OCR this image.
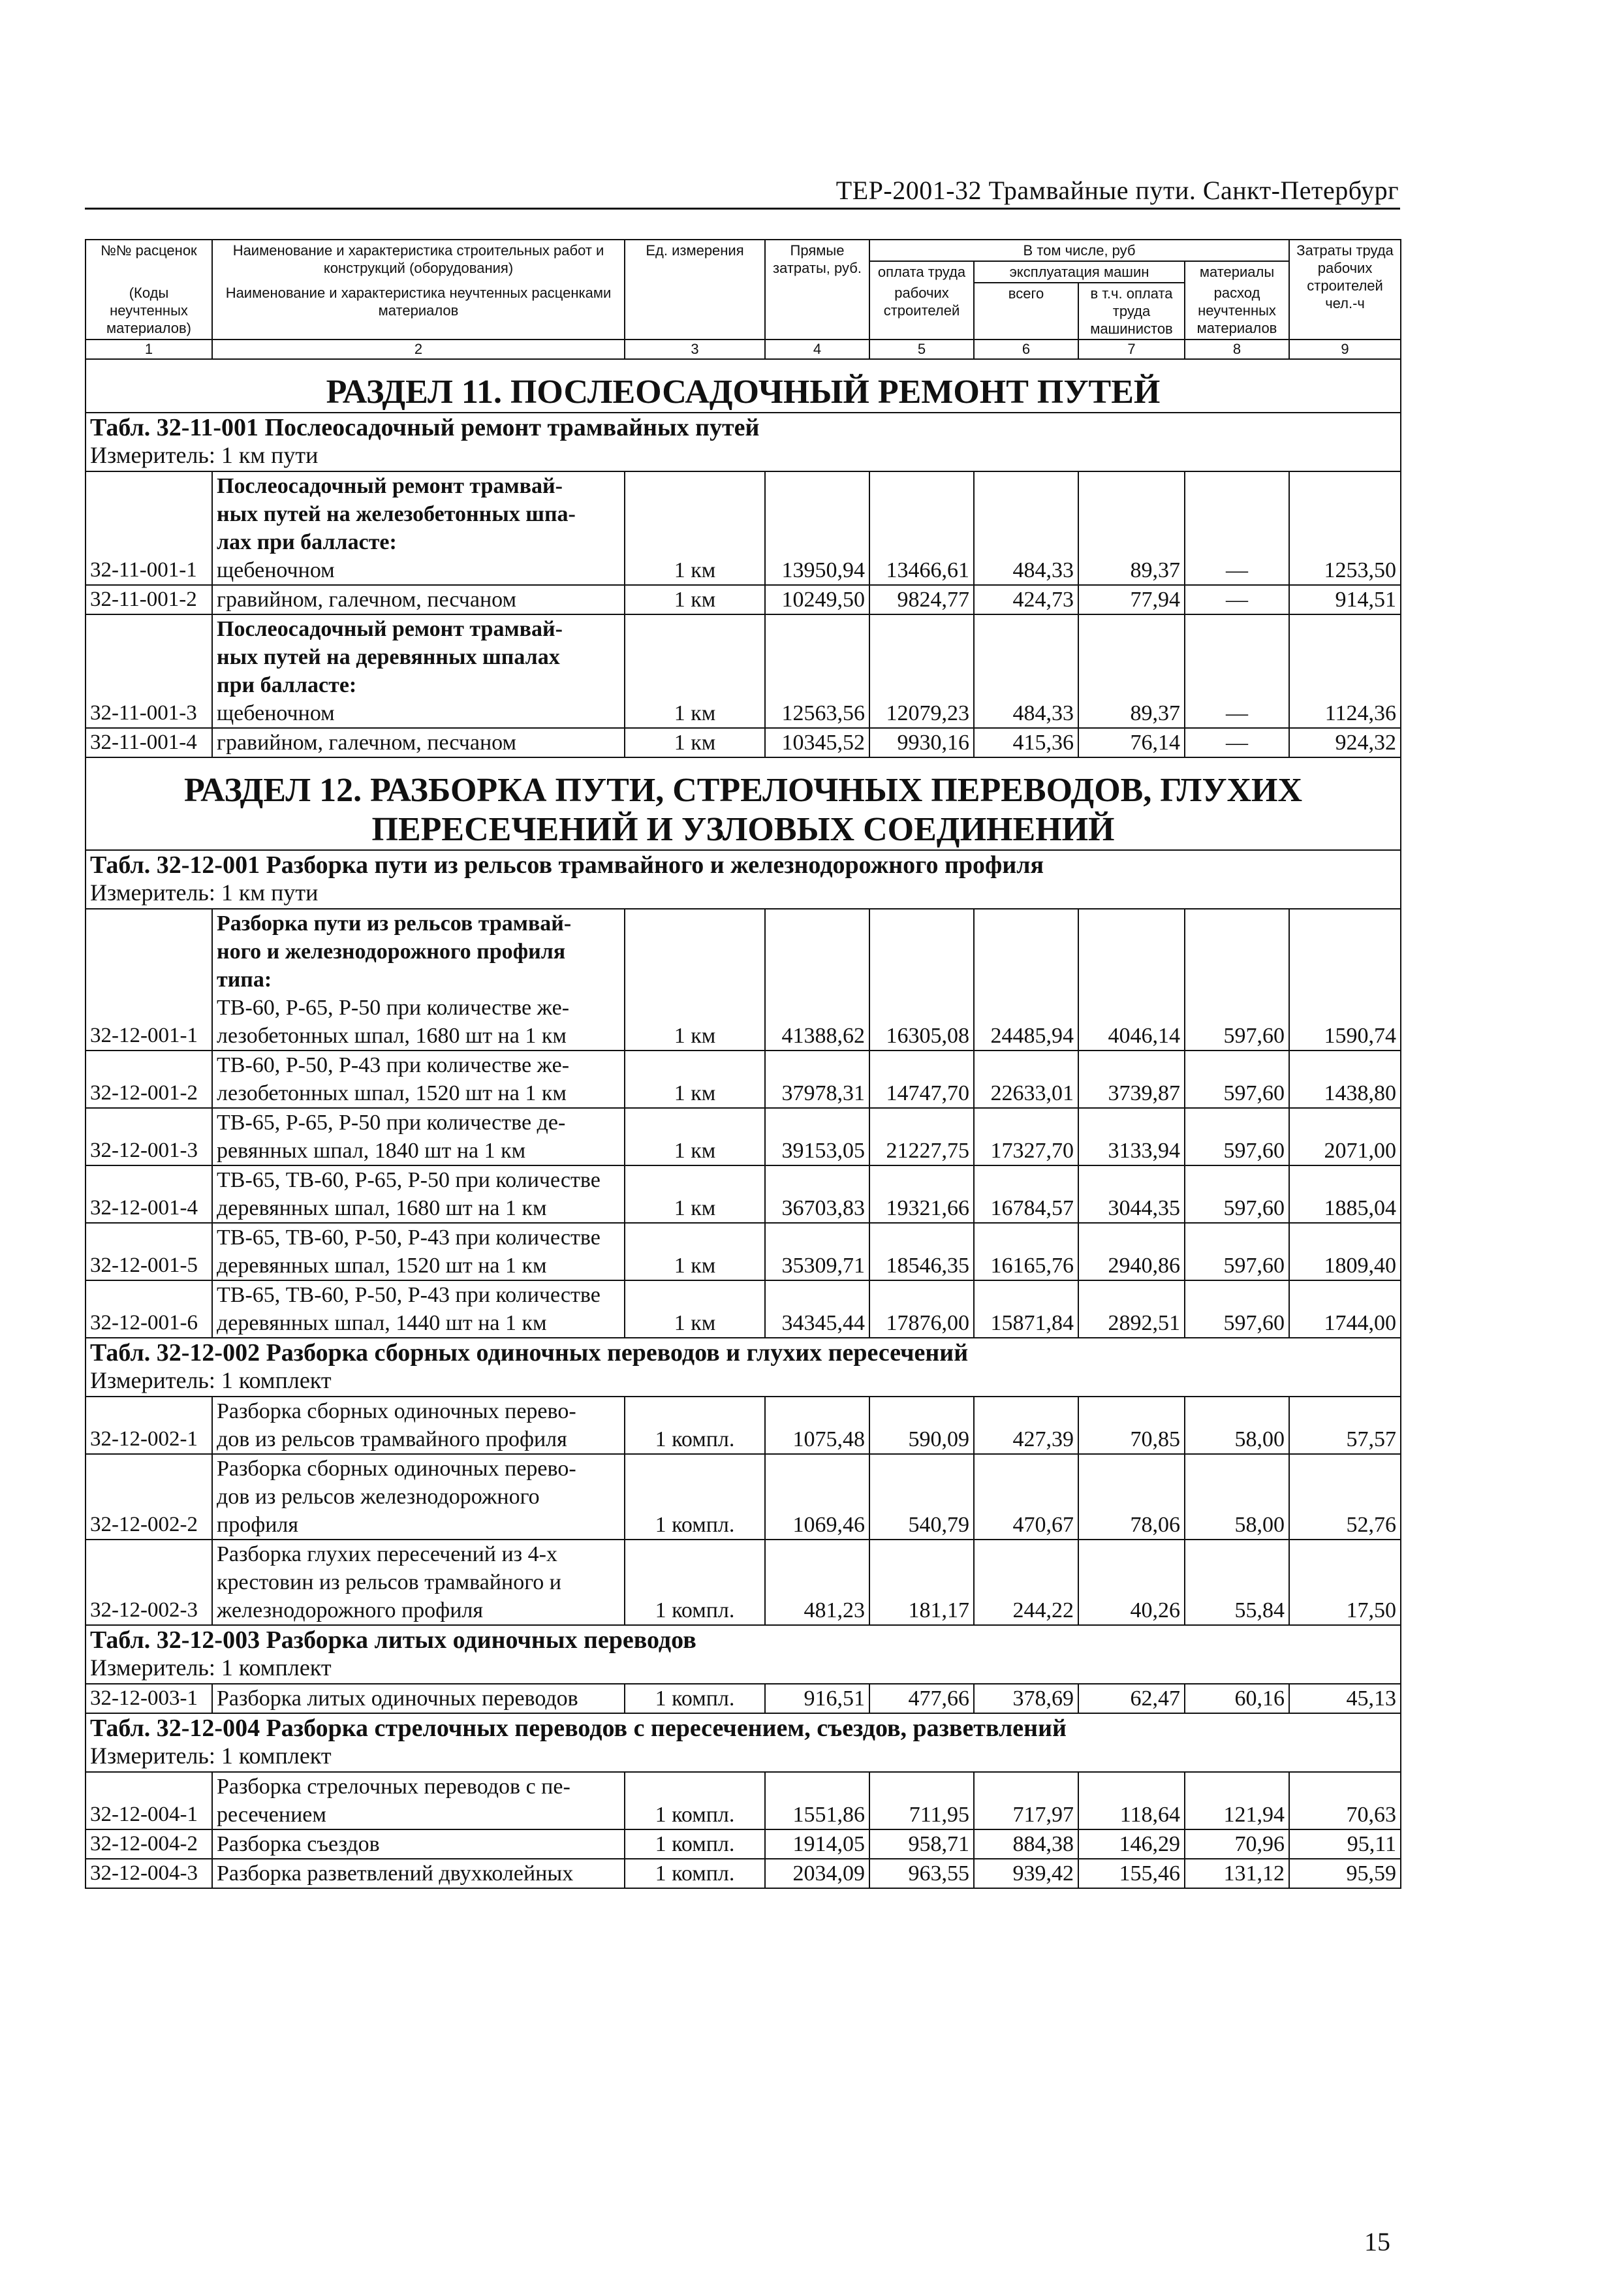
ТЕР-2001-32 Трамвайные пути. Санкт-Петербург
№№ расценок	Наименование и характеристика строительных работ и конструкций (оборудования)	Ед. измерения	Прямые затраты, руб.	В том числе, руб				Затраты труда рабочих строителей чел.-ч
				оплата труда	эксплуатация машин		материалы	
(Коды неучтенных материалов)	Наименование и характеристика неучтенных расценками материалов			рабочих строителей	всего	в т.ч. оплата труда машинистов	расход неучтенных материалов	

1	2	3	4	5	6	7	8	9

РАЗДЕЛ 11. ПОСЛЕОСАДОЧНЫЙ РЕМОНТ ПУТЕЙ								

Табл. 32-11-001 Послеосадочный ремонт трамвайных путей
Измеритель: 1 км пути								

32-11-001-1	Послеосадочный ремонт трамвай-
ных путей на железобетонных шпа-
лах при балласте:
щебеночном	1 км	13950,94	13466,61	484,33	89,37	—	1253,50
32-11-001-2	гравийном, галечном, песчаном	1 км	10249,50	9824,77	424,73	77,94	—	914,51
32-11-001-3	Послеосадочный ремонт трамвай-
ных путей на деревянных шпалах
при балласте:
щебеночном	1 км	12563,56	12079,23	484,33	89,37	—	1124,36
32-11-001-4	гравийном, галечном, песчаном	1 км	10345,52	9930,16	415,36	76,14	—	924,32

РАЗДЕЛ 12. РАЗБОРКА ПУТИ, СТРЕЛОЧНЫХ ПЕРЕВОДОВ, ГЛУХИХ
ПЕРЕСЕЧЕНИЙ И УЗЛОВЫХ СОЕДИНЕНИЙ								

Табл. 32-12-001 Разборка пути из рельсов трамвайного и железнодорожного профиля
Измеритель: 1 км пути								

32-12-001-1	Разборка пути из рельсов трамвай-
ного и железнодорожного профиля
типа:
ТВ-60, Р-65, Р-50 при количестве же-
лезобетонных шпал, 1680 шт на 1 км	1 км	41388,62	16305,08	24485,94	4046,14	597,60	1590,74
32-12-001-2	ТВ-60, Р-50, Р-43 при количестве же-
лезобетонных шпал, 1520 шт на 1 км	1 км	37978,31	14747,70	22633,01	3739,87	597,60	1438,80
32-12-001-3	ТВ-65, Р-65, Р-50 при количестве де-
ревянных шпал, 1840 шт на 1 км	1 км	39153,05	21227,75	17327,70	3133,94	597,60	2071,00
32-12-001-4	ТВ-65, ТВ-60, Р-65, Р-50 при количестве
деревянных шпал, 1680 шт на 1 км	1 км	36703,83	19321,66	16784,57	3044,35	597,60	1885,04
32-12-001-5	ТВ-65, ТВ-60, Р-50, Р-43 при количестве
деревянных шпал, 1520 шт на 1 км	1 км	35309,71	18546,35	16165,76	2940,86	597,60	1809,40
32-12-001-6	ТВ-65, ТВ-60, Р-50, Р-43 при количестве
деревянных шпал, 1440 шт на 1 км	1 км	34345,44	17876,00	15871,84	2892,51	597,60	1744,00

Табл. 32-12-002 Разборка сборных одиночных переводов и глухих пересечений
Измеритель: 1 комплект								

32-12-002-1	Разборка сборных одиночных перево-
дов из рельсов трамвайного профиля	1 компл.	1075,48	590,09	427,39	70,85	58,00	57,57
32-12-002-2	Разборка сборных одиночных перево-
дов из рельсов железнодорожного
профиля	1 компл.	1069,46	540,79	470,67	78,06	58,00	52,76
32-12-002-3	Разборка глухих пересечений из 4-х
крестовин из рельсов трамвайного и
железнодорожного профиля	1 компл.	481,23	181,17	244,22	40,26	55,84	17,50

Табл. 32-12-003 Разборка литых одиночных переводов
Измеритель: 1 комплект								

32-12-003-1	Разборка литых одиночных переводов	1 компл.	916,51	477,66	378,69	62,47	60,16	45,13

Табл. 32-12-004 Разборка стрелочных переводов с пересечением, съездов, разветвлений
Измеритель: 1 комплект								

32-12-004-1	Разборка стрелочных переводов с пе-
ресечением	1 компл.	1551,86	711,95	717,97	118,64	121,94	70,63
32-12-004-2	Разборка съездов	1 компл.	1914,05	958,71	884,38	146,29	70,96	95,11
32-12-004-3	Разборка разветвлений двухколейных	1 компл.	2034,09	963,55	939,42	155,46	131,12	95,59
15
